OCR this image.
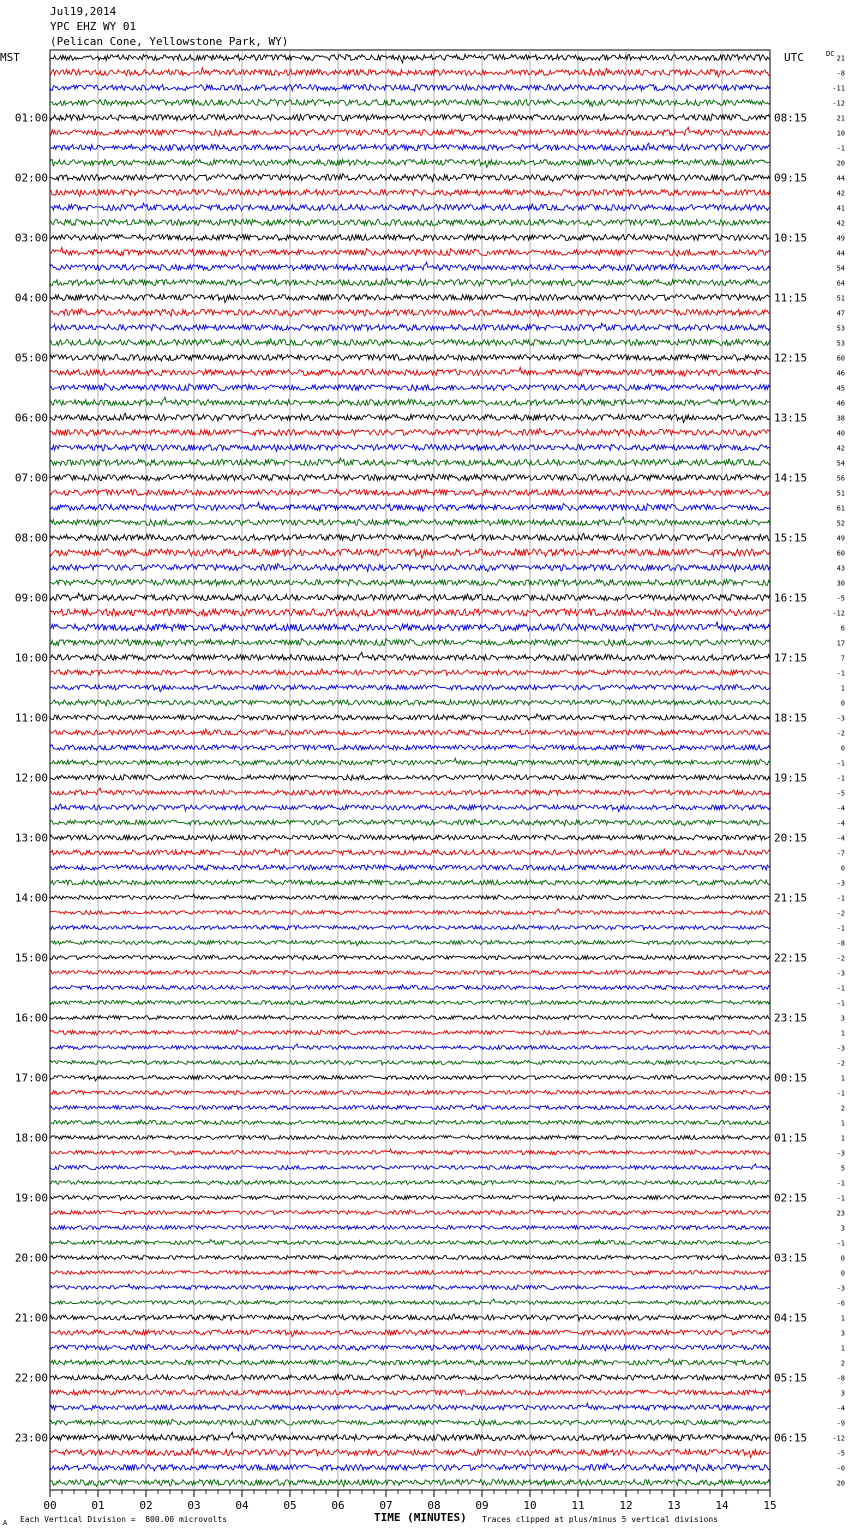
Jul19,2014
YPC EHZ WY 01
(Pelican Cone, Yellowstone Park, WY)
01:00
02:00
03:00
04:00
05:00
06:00
07:00
08:00
09:00
10:00
11:00
12:00
13:00
14:00
15:00
16:00
17:00
18:00
19:00
20:00
21:00
22:00
23:00
08:15
09:15
10:15
11:15
12:15
13:15
14:15
15:15
16:15
17:15
18:15
19:15
20:15
21:15
22:15
23:15
00:15
01:15
02:15
03:15
04:15
05:15
06:15
21
-8
-11
-12
21
10
-1
20
44
42
41
42
49
44
54
64
51
47
53
53
60
46
45
46
38
40
42
54
56
51
61
52
49
60
43
30
-5
-12
6
17
7
-1
1
0
-3
-2
0
-1
-1
-5
-4
-4
-4
-7
0
-3
-1
-2
-1
-8
-2
-3
-1
-1
3
1
-3
-2
1
-1
2
1
1
-3
5
-1
-1
23
3
-1
0
0
-3
-6
1
3
1
2
-8
3
-4
-9
-12
-5
-0
20
00	01	02	03	04	05	06	07	08	09	10	11	12	13	14	15
MST	UTC	DC
A Each Vertical Division =  800.00 microvolts	TIME (MINUTES) Traces clipped at plus/minus 5 vertical divisions
